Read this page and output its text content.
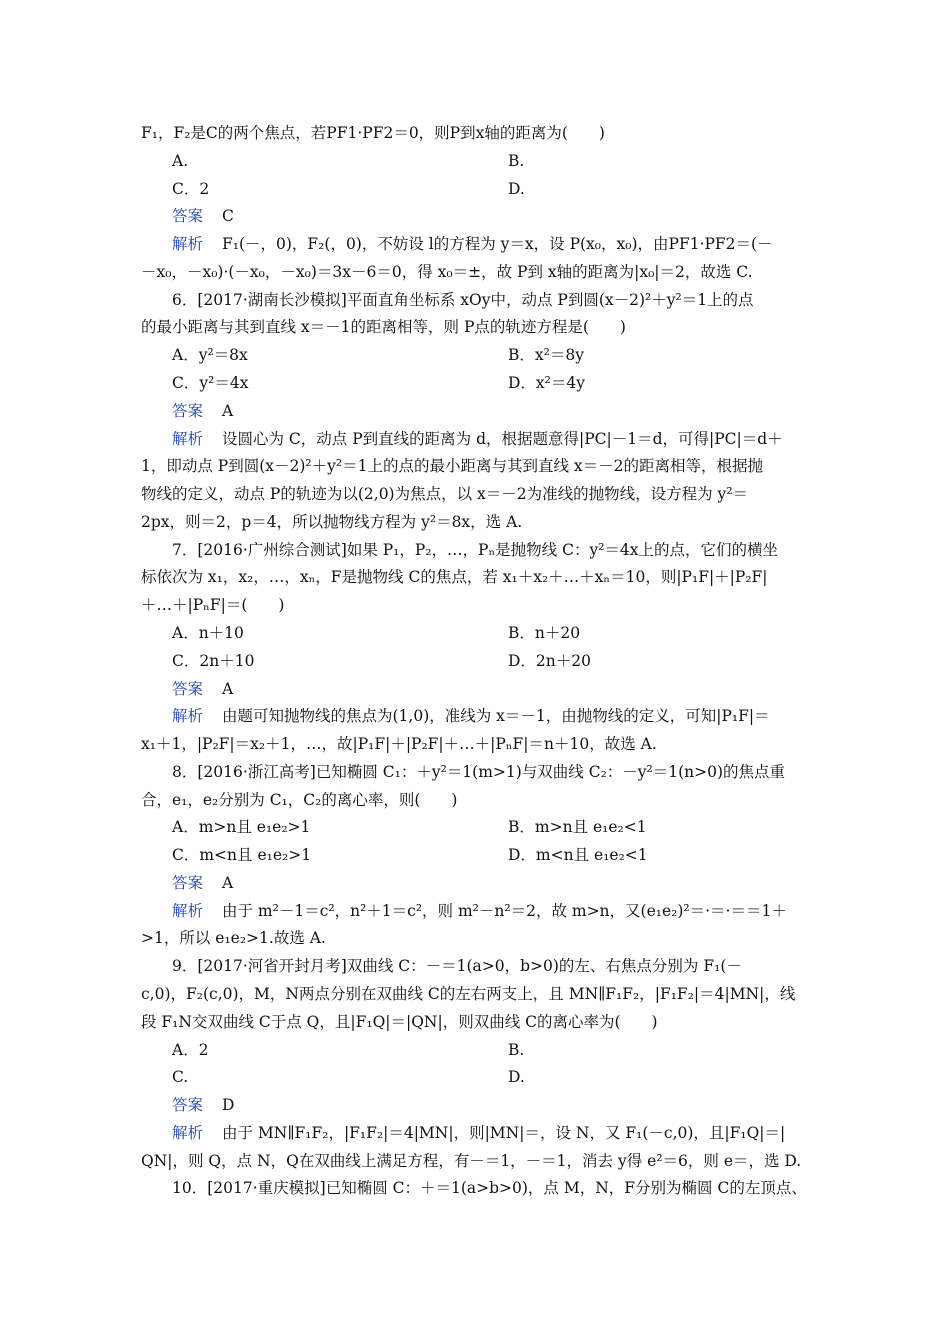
F₁，F₂是C的两个焦点，若PF1·PF2＝0，则P到x轴的距离为(　　)
A.	B.
C．2	D.
答案 C
解析 F₁(－，0)，F₂(，0)，不妨设 l的方程为 y＝x，设 P(x₀，x₀)，由PF1·PF2＝(－
－x₀，－x₀)·(－x₀，－x₀)＝3x－6＝0，得 x₀＝±，故 P到 x轴的距离为|x₀|＝2，故选 C.
6．[2017·湖南长沙模拟]平面直角坐标系 xOy中，动点 P到圆(x－2)²＋y²＝1上的点
的最小距离与其到直线 x＝－1的距离相等，则 P点的轨迹方程是(　　)
A．y²＝8x	B．x²＝8y
C．y²＝4x	D．x²＝4y
答案 A
解析 设圆心为 C，动点 P到直线的距离为 d，根据题意得|PC|－1＝d，可得|PC|＝d＋
1，即动点 P到圆(x－2)²＋y²＝1上的点的最小距离与其到直线 x＝－2的距离相等，根据抛
物线的定义，动点 P的轨迹为以(2,0)为焦点，以 x＝－2为准线的抛物线，设方程为 y²＝
2px，则＝2，p＝4，所以抛物线方程为 y²＝8x，选 A.
7．[2016·广州综合测试]如果 P₁，P₂，…，Pₙ是抛物线 C：y²＝4x上的点，它们的横坐
标依次为 x₁，x₂，…，xₙ，F是抛物线 C的焦点，若 x₁＋x₂＋…＋xₙ＝10，则|P₁F|＋|P₂F|
＋…＋|PₙF|＝(　　)
A．n＋10	B．n＋20
C．2n＋10	D．2n＋20
答案 A
解析 由题可知抛物线的焦点为(1,0)，准线为 x＝－1，由抛物线的定义，可知|P₁F|＝
x₁＋1，|P₂F|＝x₂＋1，…，故|P₁F|＋|P₂F|＋…＋|PₙF|＝n＋10，故选 A.
8．[2016·浙江高考]已知椭圆 C₁：＋y²＝1(m>1)与双曲线 C₂：－y²＝1(n>0)的焦点重
合，e₁，e₂分别为 C₁，C₂的离心率，则(　　)
A．m>n且 e₁e₂>1	B．m>n且 e₁e₂<1
C．m<n且 e₁e₂>1	D．m<n且 e₁e₂<1
答案 A
解析 由于 m²－1＝c²，n²＋1＝c²，则 m²－n²＝2，故 m>n，又(e₁e₂)²＝·＝·＝＝1＋
>1，所以 e₁e₂>1.故选 A.
9．[2017·河省开封月考]双曲线 C：－＝1(a>0，b>0)的左、右焦点分别为 F₁(－
c,0)，F₂(c,0)，M，N两点分别在双曲线 C的左右两支上，且 MN∥F₁F₂，|F₁F₂|＝4|MN|，线
段 F₁N交双曲线 C于点 Q，且|F₁Q|＝|QN|，则双曲线 C的离心率为(　　)
A．2	B.
C.	D.
答案 D
解析 由于 MN∥F₁F₂，|F₁F₂|＝4|MN|，则|MN|＝，设 N，又 F₁(－c,0)，且|F₁Q|＝|
QN|，则 Q，点 N，Q在双曲线上满足方程，有－＝1，－＝1，消去 y得 e²＝6，则 e＝，选 D.
10．[2017·重庆模拟]已知椭圆 C：＋＝1(a>b>0)，点 M，N，F分别为椭圆 C的左顶点、
